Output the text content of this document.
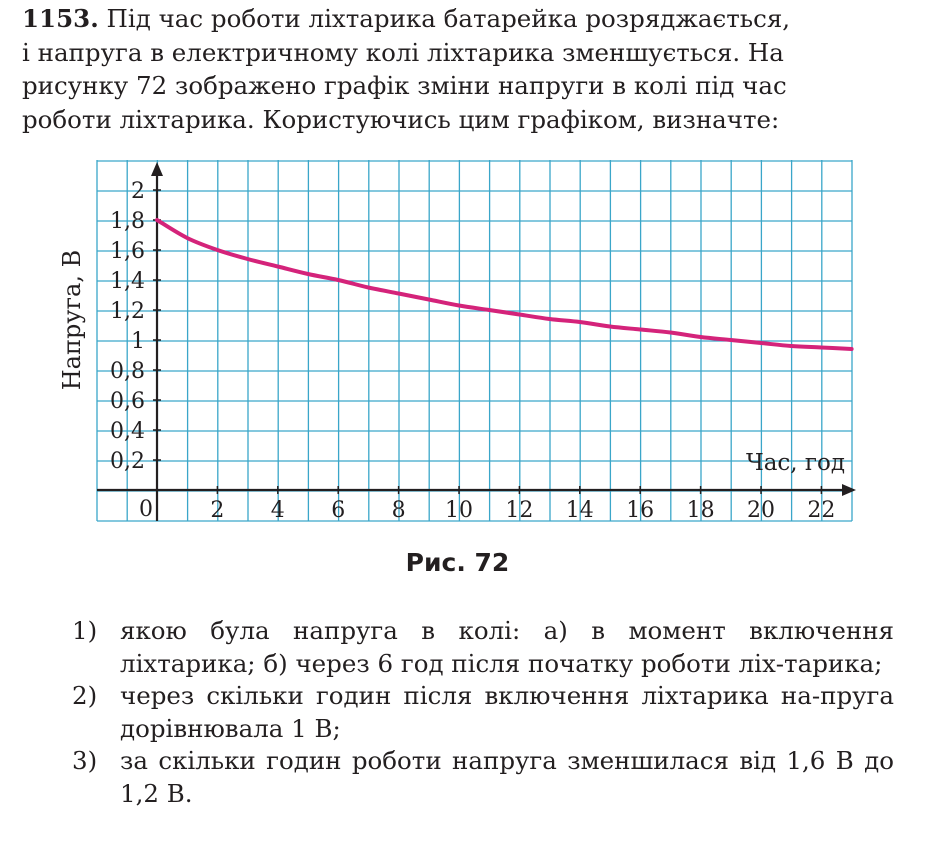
1153. Під час роботи ліхтарика батарейка розряджається,

і напруга в електричному колі ліхтарика зменшується. На

рисунку 72 зображено графік зміни напруги в колі під час

роботи ліхтарика. Користуючись цим графіком, визначте:

2 4 6 8 10 12 14 16 18 20 22
0,2
0,4
0,6
0,8
1
1,2
1,4
1,6
1,8
2
Час, год
Напруга, В
0
Рис. 72
1) якою була напруга в колі: а) в момент включення ліхтарика; б) через 6 год після початку роботи ліх-тарика;
2) через скільки годин після включення ліхтарика на-пруга дорівнювала 1 В;
3) за скільки годин роботи напруга зменшилася від 1,6 В до 1,2 В.
